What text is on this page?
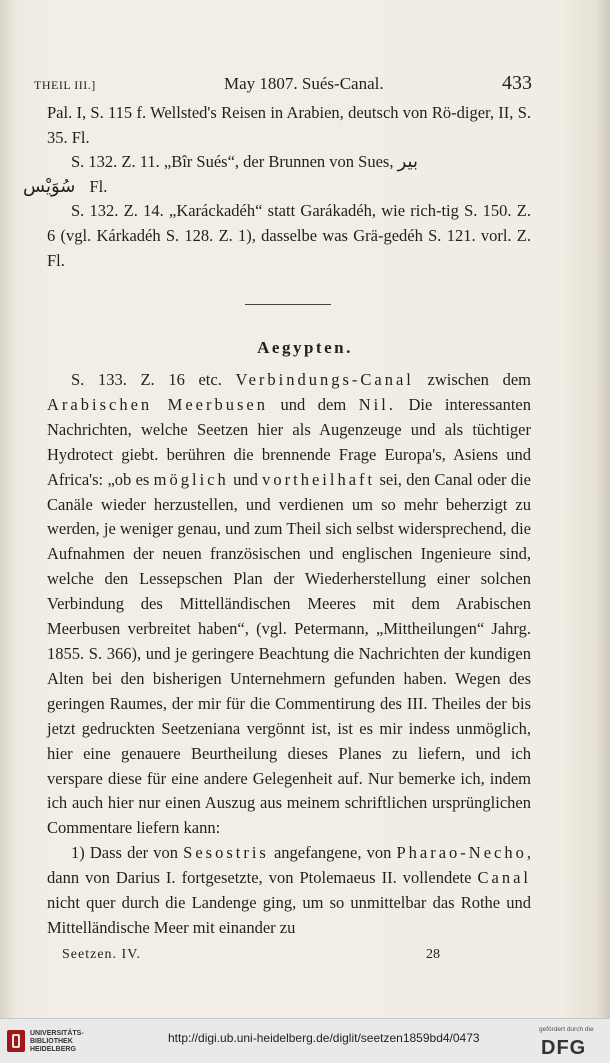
THEIL III.]	May 1807. Sués-Canal.	433

Pal. I, S. 115 f. Wellsted's Reisen in Arabien, deutsch von Rö-diger, II, S. 35. Fl.

S. 132. Z. 11. „Bîr Sués“, der Brunnen von Sues, بير
سُوَيْس Fl.

S. 132. Z. 14. „Karáckadéh“ statt Garákadéh, wie rich-tig S. 150. Z. 6 (vgl. Kárkadéh S. 128. Z. 1), dasselbe was Grä-gedéh S. 121. vorl. Z. Fl.

Aegypten.

S. 133. Z. 16 etc. Verbindungs-Canal zwischen dem Arabischen Meerbusen und dem Nil. Die interessanten Nachrichten, welche Seetzen hier als Augenzeuge und als tüchtiger Hydrotect giebt. berühren die brennende Frage Europa's, Asiens und Africa's: „ob es möglich und vortheilhaft sei, den Canal oder die Canäle wieder herzustellen, und verdienen um so mehr beherzigt zu werden, je weniger genau, und zum Theil sich selbst widersprechend, die Aufnahmen der neuen französischen und englischen Ingenieure sind, welche den Lessepschen Plan der Wiederherstellung einer solchen Verbindung des Mittelländischen Meeres mit dem Arabischen Meerbusen verbreitet haben“, (vgl. Petermann, „Mittheilungen“ Jahrg. 1855. S. 366), und je geringere Beachtung die Nachrichten der kundigen Alten bei den bisherigen Unternehmern gefunden haben. Wegen des geringen Raumes, der mir für die Commentirung des III. Theiles der bis jetzt gedruckten Seetzeniana vergönnt ist, ist es mir indess unmöglich, hier eine genauere Beurtheilung dieses Planes zu liefern, und ich verspare diese für eine andere Gelegenheit auf. Nur bemerke ich, indem ich auch hier nur einen Auszug aus meinem schriftlichen ursprünglichen Commentare liefern kann:

1) Dass der von Sesostris angefangene, von Pharao-Necho, dann von Darius I. fortgesetzte, von Ptolemaeus II. vollendete Canal nicht quer durch die Landenge ging, um so unmittelbar das Rothe und Mittelländische Meer mit einander zu

Seetzen. IV.	28
UNIVERSITÄTS-
BIBLIOTHEK
HEIDELBERG
http://digi.ub.uni-heidelberg.de/diglit/seetzen1859bd4/0473
gefördert durch die
DFG
